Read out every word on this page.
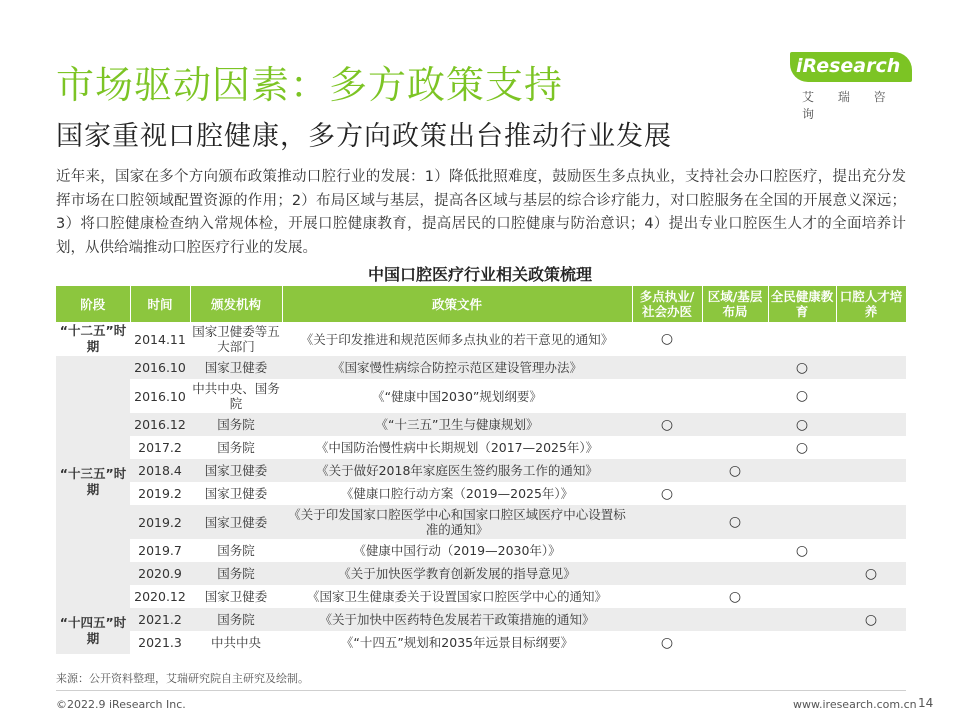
市场驱动因素：多方政策支持
国家重视口腔健康，多方向政策出台推动行业发展
iResearch
艾 瑞 咨 询

近年来，国家在多个方向颁布政策推动口腔行业的发展：1）降低批照难度，鼓励医生多点执业，支持社会办口腔医疗，提出充分发挥市场在口腔领域配置资源的作用；2）布局区域与基层，提高各区域与基层的综合诊疗能力，对口腔服务在全国的开展意义深远；3）将口腔健康检查纳入常规体检，开展口腔健康教育，提高居民的口腔健康与防治意识；4）提出专业口腔医生人才的全面培养计划，从供给端推动口腔医疗行业的发展。

中国口腔医疗行业相关政策梳理
阶段	时间	颁发机构	政策文件	多点执业/社会办医	区域/基层布局	全民健康教育	口腔人才培养
“十二五”时期	2014.11	国家卫健委等五大部门	《关于印发推进和规范医师多点执业的若干意见的通知》	○			
“十三五”时期	2016.10	国家卫健委	《国家慢性病综合防控示范区建设管理办法》			○	
	2016.10	中共中央、国务院	《“健康中国2030”规划纲要》			○	
	2016.12	国务院	《“十三五”卫生与健康规划》	○		○	
	2017.2	国务院	《中国防治慢性病中长期规划（2017—2025年）》			○	
	2018.4	国家卫健委	《关于做好2018年家庭医生签约服务工作的通知》		○		
	2019.2	国家卫健委	《健康口腔行动方案（2019—2025年）》	○			
	2019.2	国家卫健委	《关于印发国家口腔医学中心和国家口腔区域医疗中心设置标准的通知》		○		
	2019.7	国务院	《健康中国行动（2019—2030年）》			○	
	2020.9	国务院	《关于加快医学教育创新发展的指导意见》				○
	2020.12	国家卫健委	《国家卫生健康委关于设置国家口腔医学中心的通知》		○		
“十四五”时期	2021.2	国务院	《关于加快中医药特色发展若干政策措施的通知》				○
	2021.3	中共中央	《“十四五”规划和2035年远景目标纲要》	○			
来源：公开资料整理，艾瑞研究院自主研究及绘制。
©2022.9 iResearch Inc.	www.iresearch.com.cn 14
